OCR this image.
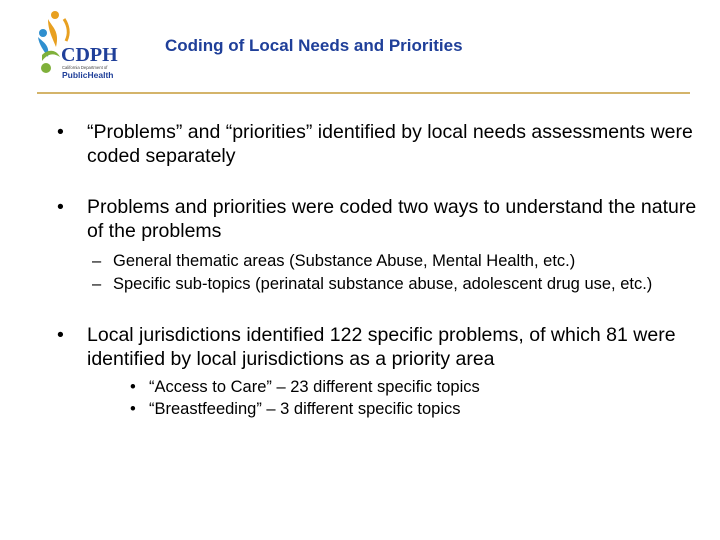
CDPH
California Department of
PublicHealth
Coding of Local Needs and Priorities
• “Problems” and “priorities” identified by local needs assessments were coded separately
• Problems and priorities were coded two ways to understand the nature of the problems
– General thematic areas (Substance Abuse, Mental Health, etc.)
– Specific sub-topics (perinatal substance abuse, adolescent drug use, etc.)
• Local jurisdictions identified 122 specific problems, of which 81 were identified by local jurisdictions as a priority area
• “Access to Care” – 23 different specific topics
• “Breastfeeding” – 3 different specific topics
